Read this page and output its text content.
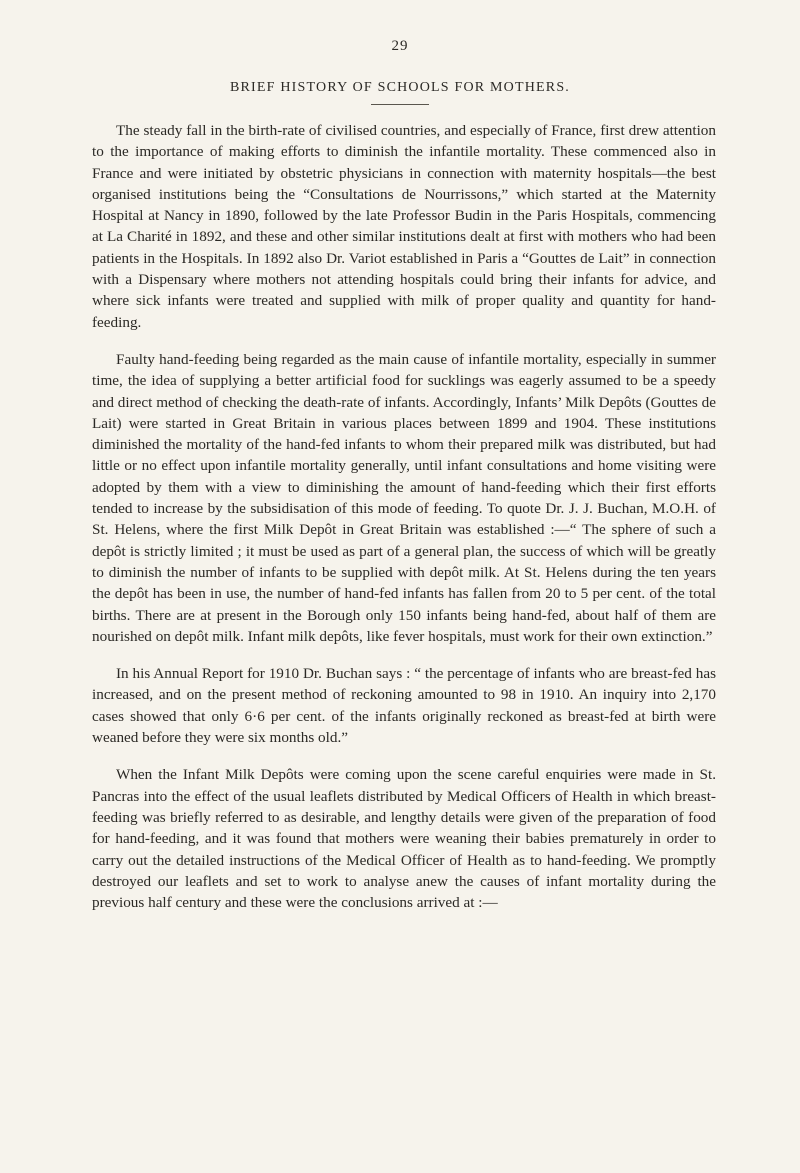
29
BRIEF HISTORY OF SCHOOLS FOR MOTHERS.

The steady fall in the birth-rate of civilised countries, and especially of France, first drew attention to the importance of making efforts to diminish the infantile mortality. These commenced also in France and were initiated by obstetric physicians in connection with maternity hospitals—the best organised institutions being the “Consultations de Nourrissons,” which started at the Maternity Hospital at Nancy in 1890, followed by the late Professor Budin in the Paris Hospitals, commencing at La Charité in 1892, and these and other similar institutions dealt at first with mothers who had been patients in the Hospitals. In 1892 also Dr. Variot established in Paris a “Gouttes de Lait” in connection with a Dispensary where mothers not attending hospitals could bring their infants for advice, and where sick infants were treated and supplied with milk of proper quality and quantity for hand-feeding.

Faulty hand-feeding being regarded as the main cause of infantile mortality, especially in summer time, the idea of supplying a better artificial food for sucklings was eagerly assumed to be a speedy and direct method of checking the death-rate of infants. Accordingly, Infants’ Milk Depôts (Gouttes de Lait) were started in Great Britain in various places between 1899 and 1904. These institutions diminished the mortality of the hand-fed infants to whom their prepared milk was distributed, but had little or no effect upon infantile mortality generally, until infant consultations and home visiting were adopted by them with a view to diminishing the amount of hand-feeding which their first efforts tended to increase by the subsidisation of this mode of feeding. To quote Dr. J. J. Buchan, M.O.H. of St. Helens, where the first Milk Depôt in Great Britain was established :—“ The sphere of such a depôt is strictly limited ; it must be used as part of a general plan, the success of which will be greatly to diminish the number of infants to be supplied with depôt milk. At St. Helens during the ten years the depôt has been in use, the number of hand-fed infants has fallen from 20 to 5 per cent. of the total births. There are at present in the Borough only 150 infants being hand-fed, about half of them are nourished on depôt milk. Infant milk depôts, like fever hospitals, must work for their own extinction.”

In his Annual Report for 1910 Dr. Buchan says : “ the percentage of infants who are breast-fed has increased, and on the present method of reckoning amounted to 98 in 1910. An inquiry into 2,170 cases showed that only 6·6 per cent. of the infants originally reckoned as breast-fed at birth were weaned before they were six months old.”

When the Infant Milk Depôts were coming upon the scene careful enquiries were made in St. Pancras into the effect of the usual leaflets distributed by Medical Officers of Health in which breast-feeding was briefly referred to as desirable, and lengthy details were given of the preparation of food for hand-feeding, and it was found that mothers were weaning their babies prematurely in order to carry out the detailed instructions of the Medical Officer of Health as to hand-feeding. We promptly destroyed our leaflets and set to work to analyse anew the causes of infant mortality during the previous half century and these were the conclusions arrived at :—
